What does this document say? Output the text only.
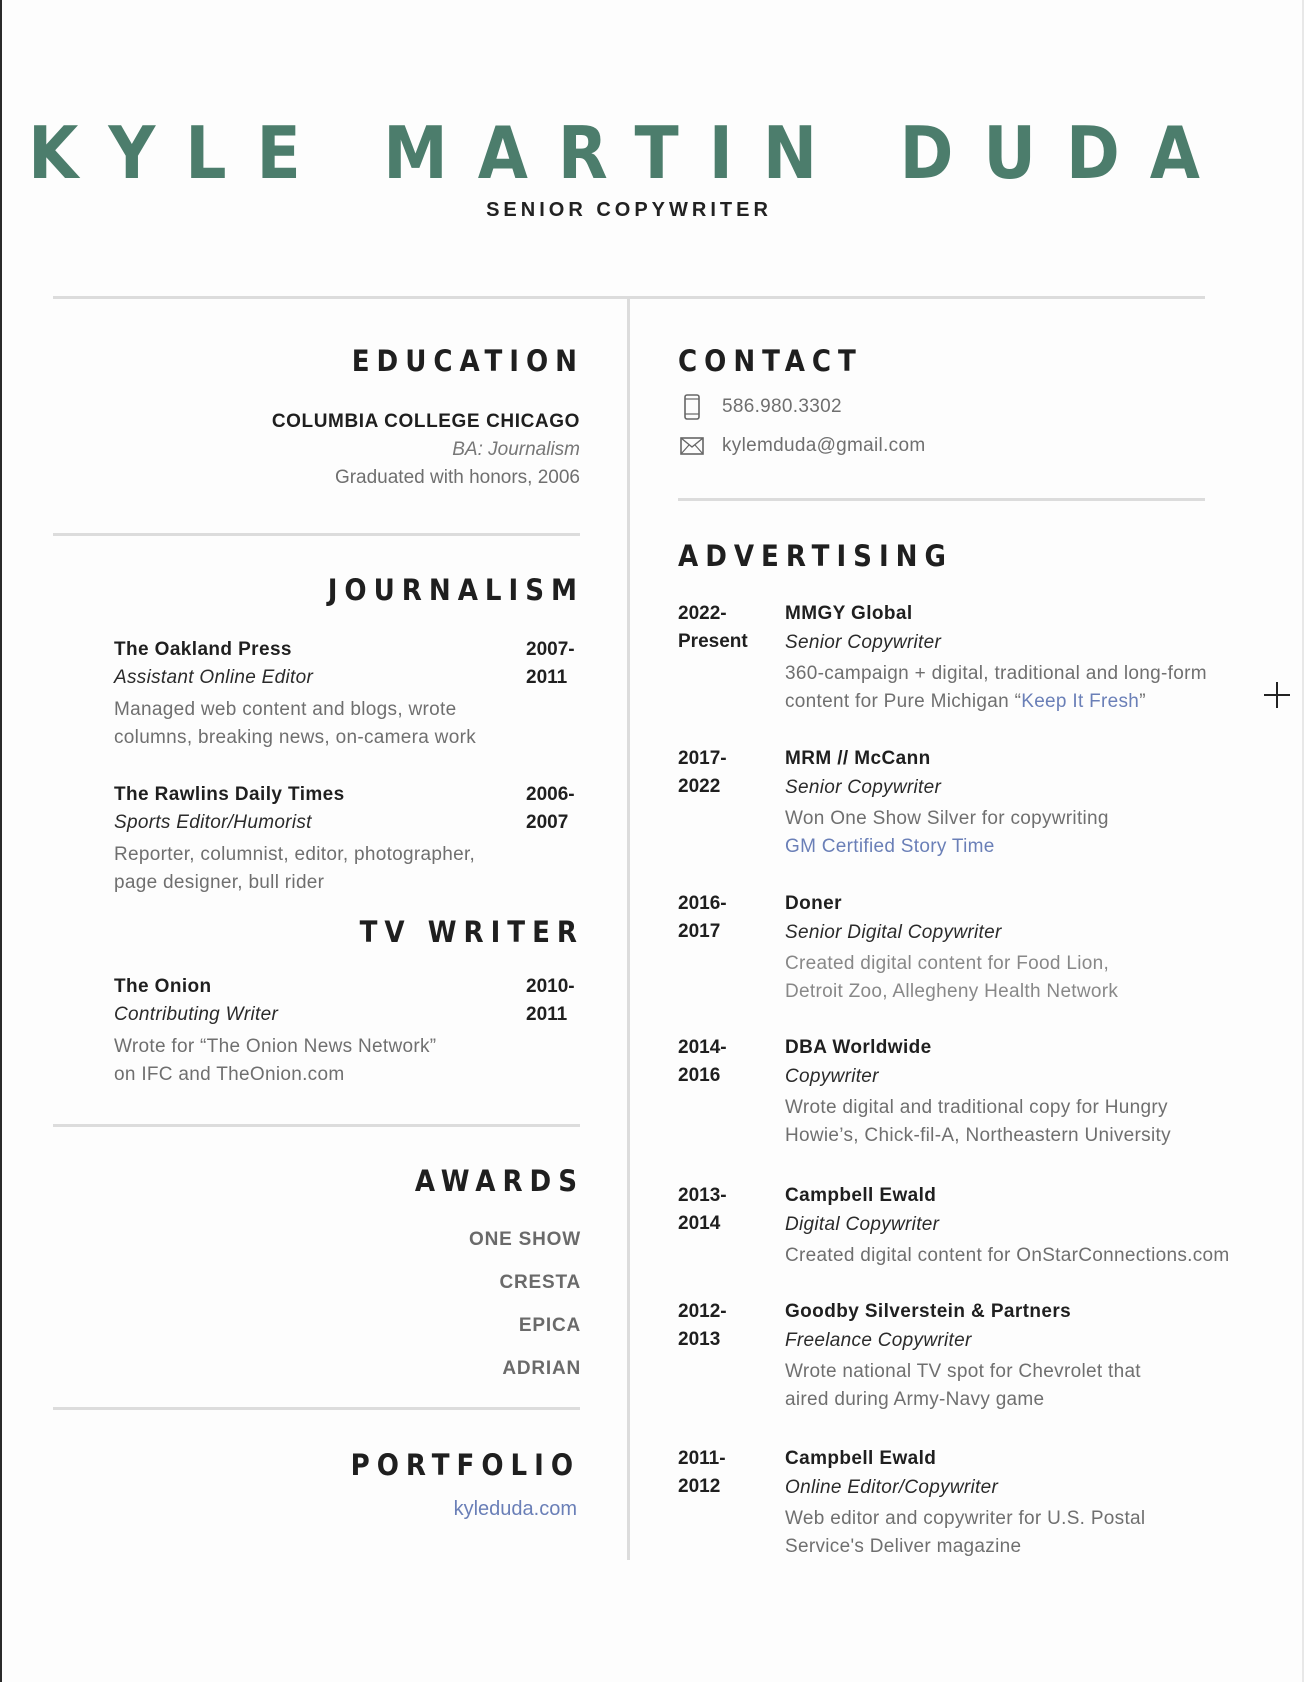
KYLE MARTIN DUDA
SENIOR COPYWRITER
EDUCATION
COLUMBIA COLLEGE CHICAGO
BA: Journalism
Graduated with honors, 2006
JOURNALISM
The Oakland Press
Assistant Online Editor
2007-
2011
Managed web content and blogs, wrote
columns, breaking news, on-camera work
The Rawlins Daily Times
Sports Editor/Humorist
2006-
2007
Reporter, columnist, editor, photographer,
page designer, bull rider
TV WRITER
The Onion
Contributing Writer
2010-
2011
Wrote for “The Onion News Network”
on IFC and TheOnion.com
AWARDS
ONE SHOW
CRESTA
EPICA
ADRIAN
PORTFOLIO
kyleduda.com
CONTACT
586.980.3302
kylemduda@gmail.com
ADVERTISING
2022-
Present
MMGY Global
Senior Copywriter
360-campaign + digital, traditional and long-form
content for Pure Michigan “Keep It Fresh”
2017-
2022
MRM // McCann
Senior Copywriter
Won One Show Silver for copywriting
GM Certified Story Time
2016-
2017
Doner
Senior Digital Copywriter
Created digital content for Food Lion,
Detroit Zoo, Allegheny Health Network
2014-
2016
DBA Worldwide
Copywriter
Wrote digital and traditional copy for Hungry
Howie’s, Chick-fil-A, Northeastern University
2013-
2014
Campbell Ewald
Digital Copywriter
Created digital content for OnStarConnections.com
2012-
2013
Goodby Silverstein & Partners
Freelance Copywriter
Wrote national TV spot for Chevrolet that
aired during Army-Navy game
2011-
2012
Campbell Ewald
Online Editor/Copywriter
Web editor and copywriter for U.S. Postal
Service's Deliver magazine
